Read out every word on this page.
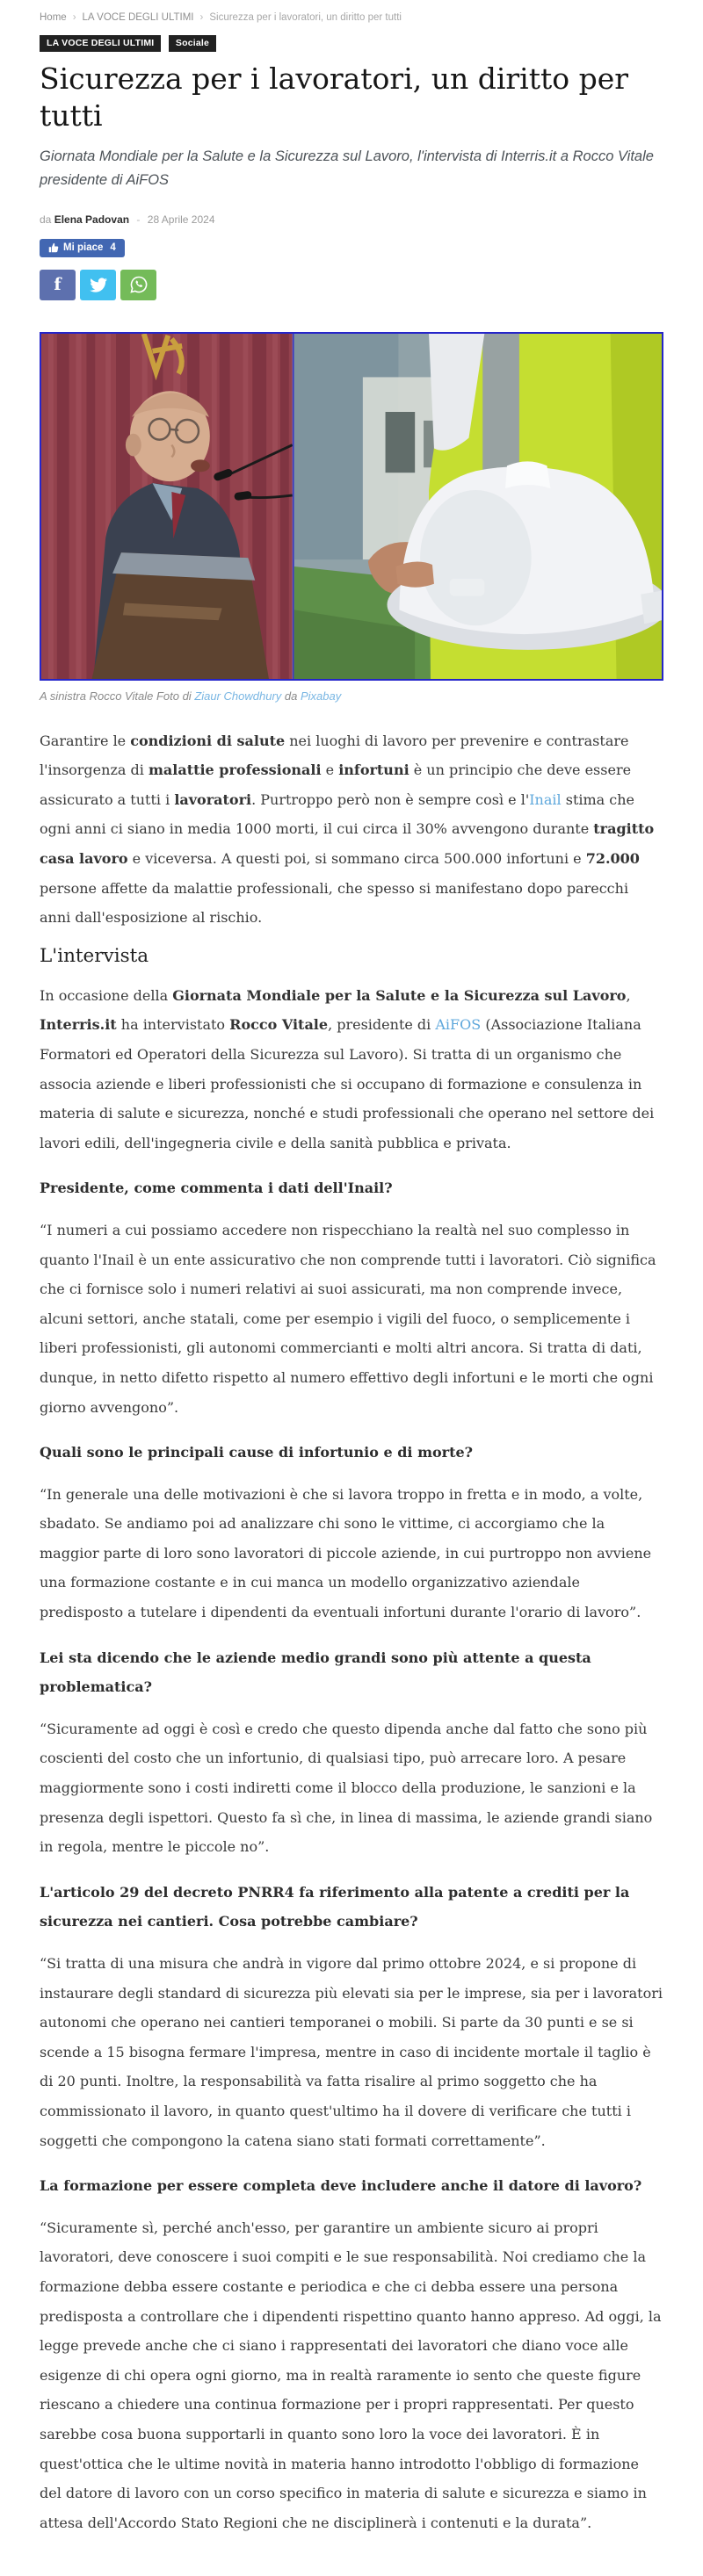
Home › LA VOCE DEGLI ULTIMI › Sicurezza per i lavoratori, un diritto per tutti
LA VOCE DEGLI ULTIMI Sociale
Sicurezza per i lavoratori, un diritto per tutti

Giornata Mondiale per la Salute e la Sicurezza sul Lavoro, l'intervista di Interris.it a Rocco Vitale presidente di AiFOS

da Elena Padovan - 28 Aprile 2024
Mi piace 4
f
A sinistra Rocco Vitale Foto di Ziaur Chowdhury da Pixabay

Garantire le condizioni di salute nei luoghi di lavoro per prevenire e contrastare l'insorgenza di malattie professionali e infortuni è un principio che deve essere assicurato a tutti i lavoratori. Purtroppo però non è sempre così e l'Inail stima che ogni anni ci siano in media 1000 morti, il cui circa il 30% avvengono durante tragitto casa lavoro e viceversa. A questi poi, si sommano circa 500.000 infortuni e 72.000 persone affette da malattie professionali, che spesso si manifestano dopo parecchi anni dall'esposizione al rischio.

L'intervista

In occasione della Giornata Mondiale per la Salute e la Sicurezza sul Lavoro, Interris.it ha intervistato Rocco Vitale, presidente di AiFOS (Associazione Italiana Formatori ed Operatori della Sicurezza sul Lavoro). Si tratta di un organismo che associa aziende e liberi professionisti che si occupano di formazione e consulenza in materia di salute e sicurezza, nonché e studi professionali che operano nel settore dei lavori edili, dell'ingegneria civile e della sanità pubblica e privata.

Presidente, come commenta i dati dell'Inail?

“I numeri a cui possiamo accedere non rispecchiano la realtà nel suo complesso in quanto l'Inail è un ente assicurativo che non comprende tutti i lavoratori. Ciò significa che ci fornisce solo i numeri relativi ai suoi assicurati, ma non comprende invece, alcuni settori, anche statali, come per esempio i vigili del fuoco, o semplicemente i liberi professionisti, gli autonomi commercianti e molti altri ancora. Si tratta di dati, dunque, in netto difetto rispetto al numero effettivo degli infortuni e le morti che ogni giorno avvengono”.

Quali sono le principali cause di infortunio e di morte?

“In generale una delle motivazioni è che si lavora troppo in fretta e in modo, a volte, sbadato. Se andiamo poi ad analizzare chi sono le vittime, ci accorgiamo che la maggior parte di loro sono lavoratori di piccole aziende, in cui purtroppo non avviene una formazione costante e in cui manca un modello organizzativo aziendale predisposto a tutelare i dipendenti da eventuali infortuni durante l'orario di lavoro”.

Lei sta dicendo che le aziende medio grandi sono più attente a questa problematica?

“Sicuramente ad oggi è così e credo che questo dipenda anche dal fatto che sono più coscienti del costo che un infortunio, di qualsiasi tipo, può arrecare loro. A pesare maggiormente sono i costi indiretti come il blocco della produzione, le sanzioni e la presenza degli ispettori. Questo fa sì che, in linea di massima, le aziende grandi siano in regola, mentre le piccole no”.

L'articolo 29 del decreto PNRR4 fa riferimento alla patente a crediti per la sicurezza nei cantieri. Cosa potrebbe cambiare?

“Si tratta di una misura che andrà in vigore dal primo ottobre 2024, e si propone di instaurare degli standard di sicurezza più elevati sia per le imprese, sia per i lavoratori autonomi che operano nei cantieri temporanei o mobili. Si parte da 30 punti e se si scende a 15 bisogna fermare l'impresa, mentre in caso di incidente mortale il taglio è di 20 punti. Inoltre, la responsabilità va fatta risalire al primo soggetto che ha commissionato il lavoro, in quanto quest'ultimo ha il dovere di verificare che tutti i soggetti che compongono la catena siano stati formati correttamente”.

La formazione per essere completa deve includere anche il datore di lavoro?

“Sicuramente sì, perché anch'esso, per garantire un ambiente sicuro ai propri lavoratori, deve conoscere i suoi compiti e le sue responsabilità. Noi crediamo che la formazione debba essere costante e periodica e che ci debba essere una persona predisposta a controllare che i dipendenti rispettino quanto hanno appreso. Ad oggi, la legge prevede anche che ci siano i rappresentati dei lavoratori che diano voce alle esigenze di chi opera ogni giorno, ma in realtà raramente io sento che queste figure riescano a chiedere una continua formazione per i propri rappresentati. Per questo sarebbe cosa buona supportarli in quanto sono loro la voce dei lavoratori. È in quest'ottica che le ultime novità in materia hanno introdotto l'obbligo di formazione del datore di lavoro con un corso specifico in materia di salute e sicurezza e siamo in attesa dell'Accordo Stato Regioni che ne disciplinerà i contenuti e la durata”.
